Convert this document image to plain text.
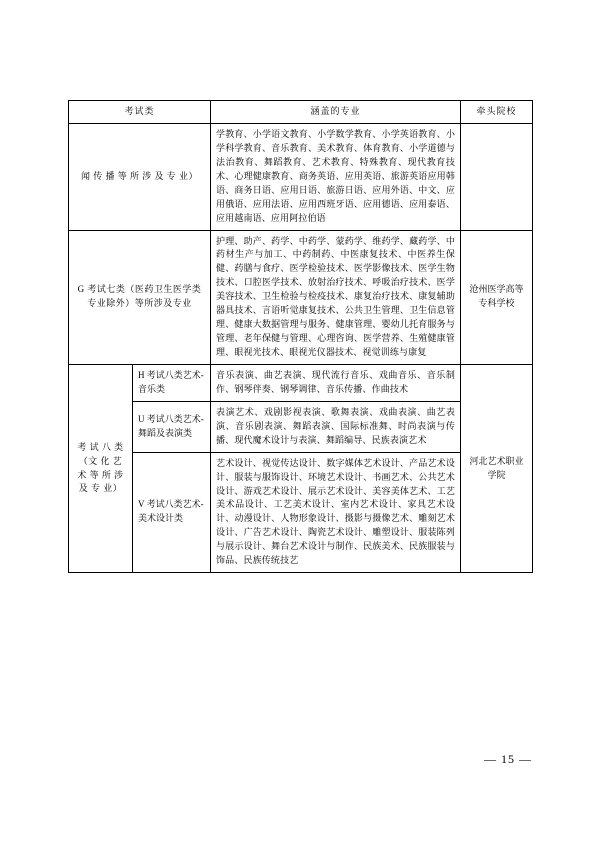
考试类		涵盖的专业	牵头院校
闻 传 播 等 所 涉 及 专 业）		学教育、小学语文教育、小学数学教育、小学英语教育、小学科学教育、音乐教育、美术教育、体育教育、小学道德与法治教育、舞蹈教育、艺术教育、特殊教育、现代教育技术、心理健康教育、商务英语、应用英语、旅游英语应用韩语、商务日语、应用日语、旅游日语、应用外语、中文、应用俄语、应用法语、应用西班牙语、应用德语、应用泰语、应用越南语、应用阿拉伯语	
G 考试七类（医药卫生医学类专业除外）等所涉及专业		护理、助产、药学、中药学、蒙药学、维药学、藏药学、中药材生产与加工、中药制药、中医康复技术、中医养生保健、药膳与食疗、医学检验技术、医学影像技术、医学生物技术、口腔医学技术、放射治疗技术、呼吸治疗技术、医学美容技术、卫生检验与检疫技术、康复治疗技术、康复辅助器具技术、言语听觉康复技术、公共卫生管理、卫生信息管理、健康大数据管理与服务、健康管理、婴幼儿托育服务与管理、老年保健与管理、心理咨询、医学营养、生殖健康管理、眼视光技术、眼视光仪器技术、视觉训练与康复	沧州医学高等专科学校
考 试 八 类（文 化 艺 术 等 所 涉 及 专 业）	H 考试八类艺术-音乐类	音乐表演、曲艺表演、现代流行音乐、戏曲音乐、音乐制作、钢琴伴奏、钢琴调律、音乐传播、作曲技术	河北艺术职业学院
	U 考试八类艺术-舞蹈及表演类	表演艺术、戏剧影视表演、歌舞表演、戏曲表演、曲艺表演、音乐剧表演、舞蹈表演、国际标准舞、时尚表演与传播、现代魔术设计与表演、舞蹈编导、民族表演艺术	
	V 考试八类艺术-美术设计类	艺术设计、视觉传达设计、数字媒体艺术设计、产品艺术设计、服装与服饰设计、环境艺术设计、书画艺术、公共艺术设计、游戏艺术设计、展示艺术设计、美容美体艺术、工艺美术品设计、工艺美术设计、室内艺术设计、家具艺术设计、动漫设计、人物形象设计、摄影与摄像艺术、雕刻艺术设计、广告艺术设计、陶瓷艺术设计、雕塑设计、服装陈列与展示设计、舞台艺术设计与制作、民族美术、民族服装与饰品、民族传统技艺	
— 15 —
